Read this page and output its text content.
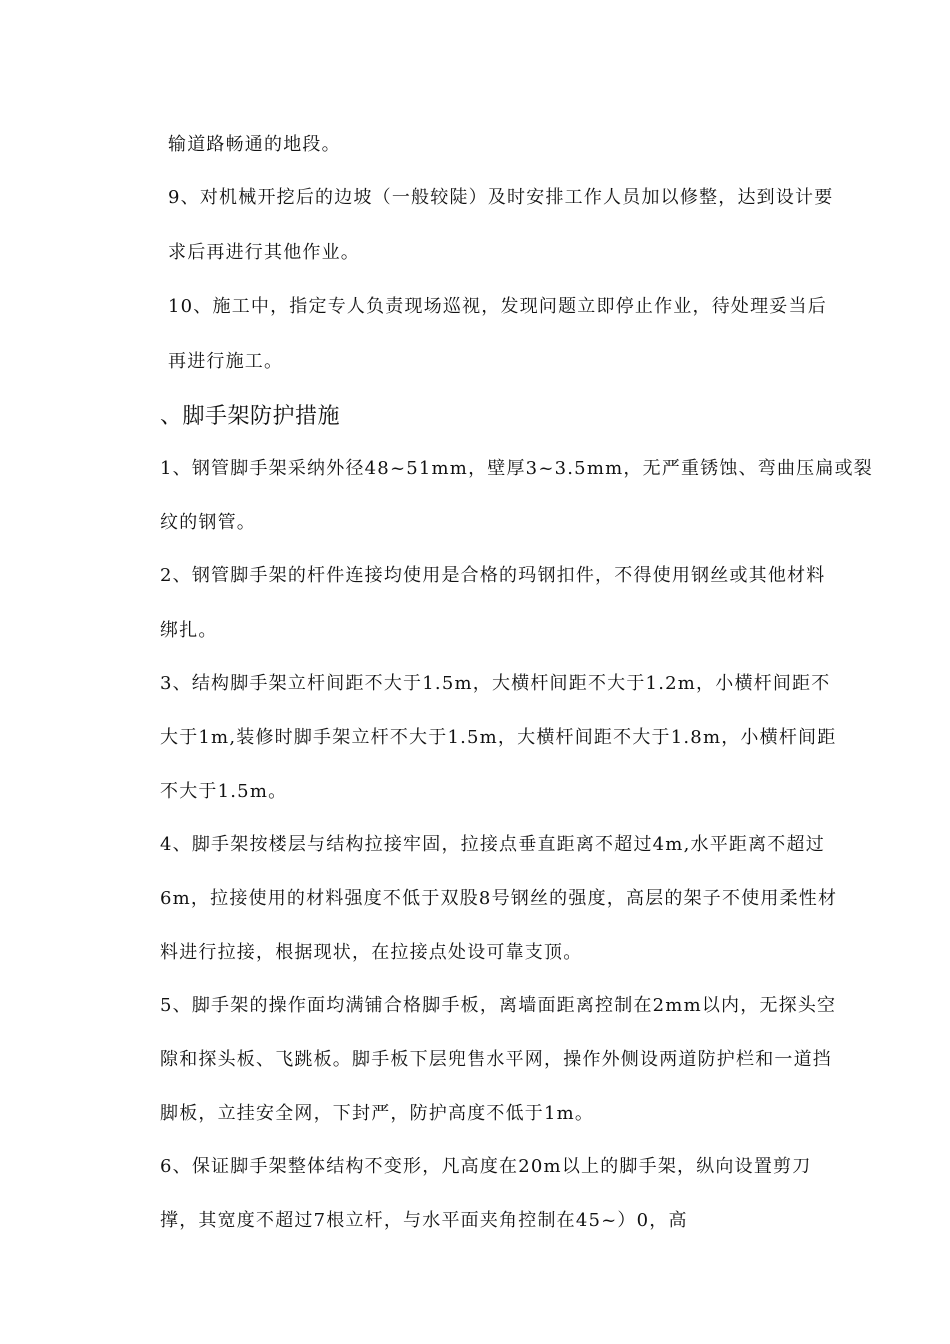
输道路畅通的地段。
9、对机械开挖后的边坡（一般较陡）及时安排工作人员加以修整，达到设计要
求后再进行其他作业。
10、施工中，指定专人负责现场巡视，发现问题立即停止作业，待处理妥当后
再进行施工。
、脚手架防护措施
1、钢管脚手架采纳外径48~51mm，壁厚3~3.5mm，无严重锈蚀、弯曲压扁或裂
纹的钢管。
2、钢管脚手架的杆件连接均使用是合格的玛钢扣件，不得使用钢丝或其他材料
绑扎。
3、结构脚手架立杆间距不大于1.5m，大横杆间距不大于1.2m，小横杆间距不
大于1m,装修时脚手架立杆不大于1.5m，大横杆间距不大于1.8m，小横杆间距
不大于1.5m。
4、脚手架按楼层与结构拉接牢固，拉接点垂直距离不超过4m,水平距离不超过
6m，拉接使用的材料强度不低于双股8号钢丝的强度，高层的架子不使用柔性材
料进行拉接，根据现状，在拉接点处设可靠支顶。
5、脚手架的操作面均满铺合格脚手板，离墙面距离控制在2mm以内，无探头空
隙和探头板、飞跳板。脚手板下层兜售水平网，操作外侧设两道防护栏和一道挡
脚板，立挂安全网，下封严，防护高度不低于1m。
6、保证脚手架整体结构不变形，凡高度在20m以上的脚手架，纵向设置剪刀
撑，其宽度不超过7根立杆，与水平面夹角控制在45~）0，高
